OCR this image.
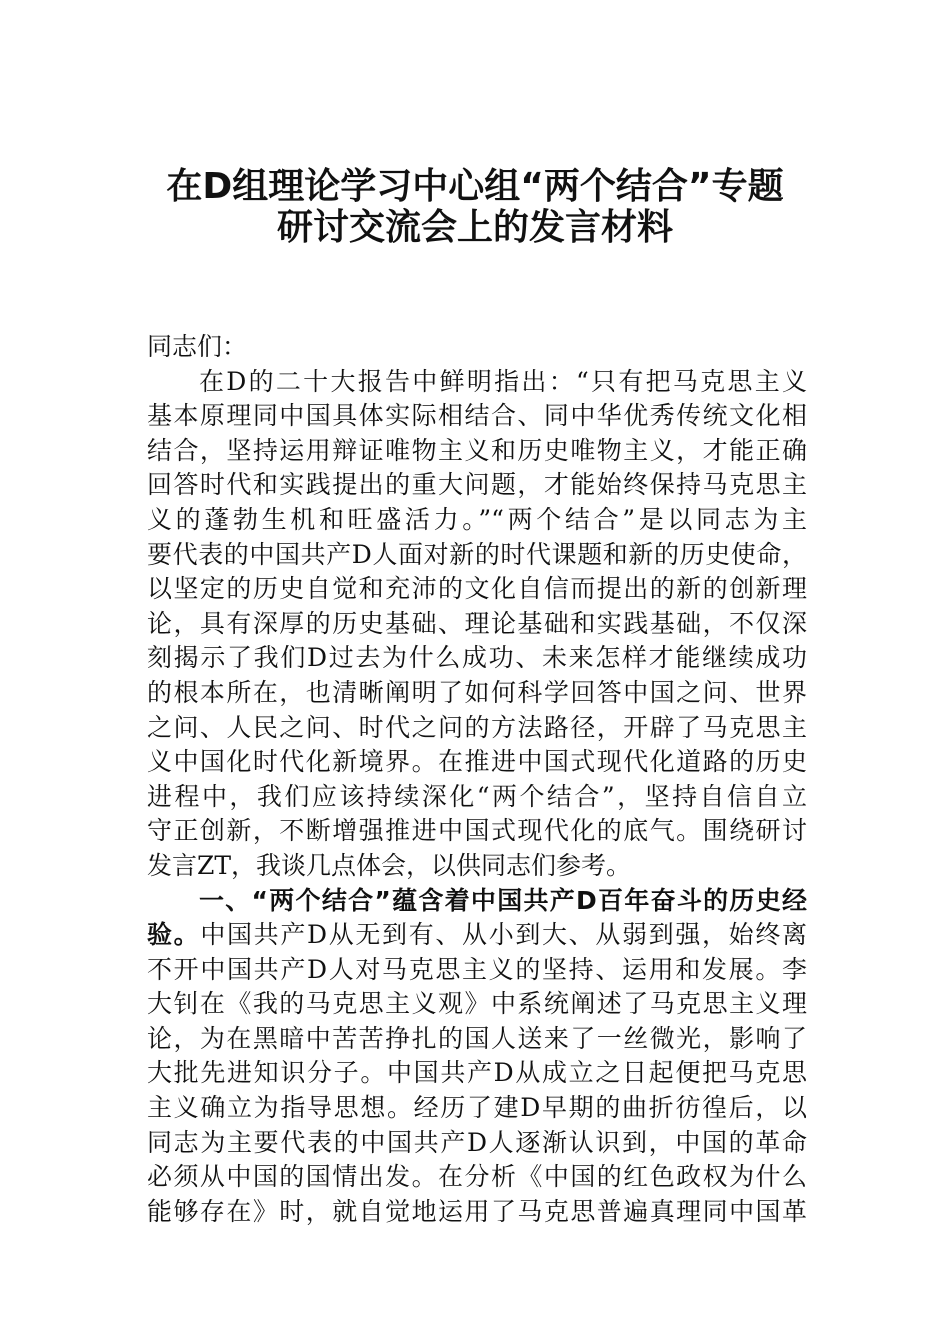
在D组理论学习中心组“两个结合”专题
研讨交流会上的发言材料
同志们：
在D的二十大报告中鲜明指出：“只有把马克思主义
基本原理同中国具体实际相结合、同中华优秀传统文化相
结合，坚持运用辩证唯物主义和历史唯物主义，才能正确
回答时代和实践提出的重大问题，才能始终保持马克思主
义的蓬勃生机和旺盛活力。”“两个结合”是以同志为主
要代表的中国共产D人面对新的时代课题和新的历史使命，
以坚定的历史自觉和充沛的文化自信而提出的新的创新理
论，具有深厚的历史基础、理论基础和实践基础，不仅深
刻揭示了我们D过去为什么成功、未来怎样才能继续成功
的根本所在，也清晰阐明了如何科学回答中国之问、世界
之问、人民之问、时代之问的方法路径，开辟了马克思主
义中国化时代化新境界。在推进中国式现代化道路的历史
进程中，我们应该持续深化“两个结合”，坚持自信自立
守正创新，不断增强推进中国式现代化的底气。围绕研讨
发言ZT，我谈几点体会，以供同志们参考。
一、“两个结合”蕴含着中国共产D百年奋斗的历史经
验。中国共产D从无到有、从小到大、从弱到强，始终离
不开中国共产D人对马克思主义的坚持、运用和发展。李
大钊在《我的马克思主义观》中系统阐述了马克思主义理
论，为在黑暗中苦苦挣扎的国人送来了一丝微光，影响了
大批先进知识分子。中国共产D从成立之日起便把马克思
主义确立为指导思想。经历了建D早期的曲折彷徨后，以
同志为主要代表的中国共产D人逐渐认识到，中国的革命
必须从中国的国情出发。在分析《中国的红色政权为什么
能够存在》时，就自觉地运用了马克思普遍真理同中国革
